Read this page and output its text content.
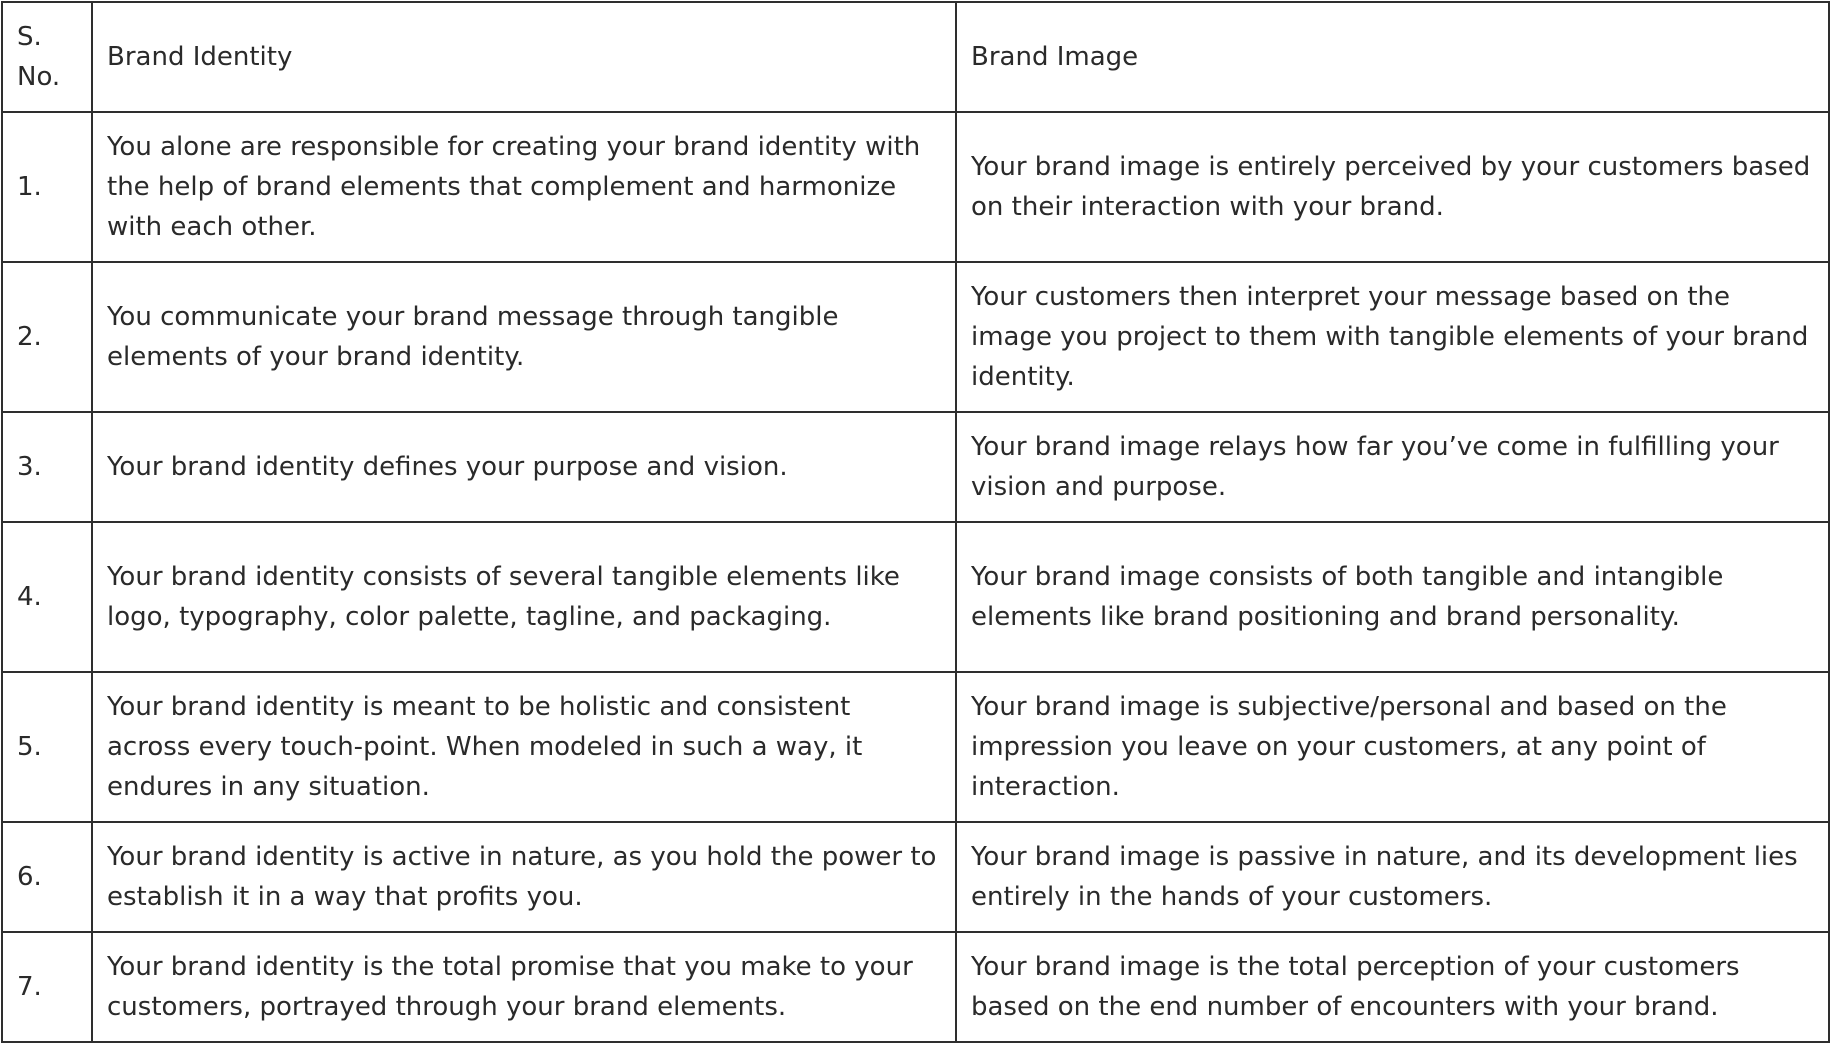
S. No.	Brand Identity	Brand Image
1.	You alone are responsible for creating your brand identity with the help of brand elements that complement and harmonize with each other.	Your brand image is entirely perceived by your customers based on their interaction with your brand.
2.	You communicate your brand message through tangible elements of your brand identity.	Your customers then interpret your message based on the image you project to them with tangible elements of your brand identity.
3.	Your brand identity defines your purpose and vision.	Your brand image relays how far you’ve come in fulfilling your vision and purpose.
4.	Your brand identity consists of several tangible elements like logo, typography, color palette, tagline, and packaging.	Your brand image consists of both tangible and intangible elements like brand positioning and brand personality.
5.	Your brand identity is meant to be holistic and consistent across every touch-point. When modeled in such a way, it endures in any situation.	Your brand image is subjective/personal and based on the impression you leave on your customers, at any point of interaction.
6.	Your brand identity is active in nature, as you hold the power to establish it in a way that profits you.	Your brand image is passive in nature, and its development lies entirely in the hands of your customers.
7.	Your brand identity is the total promise that you make to your customers, portrayed through your brand elements.	Your brand image is the total perception of your customers based on the end number of encounters with your brand.
